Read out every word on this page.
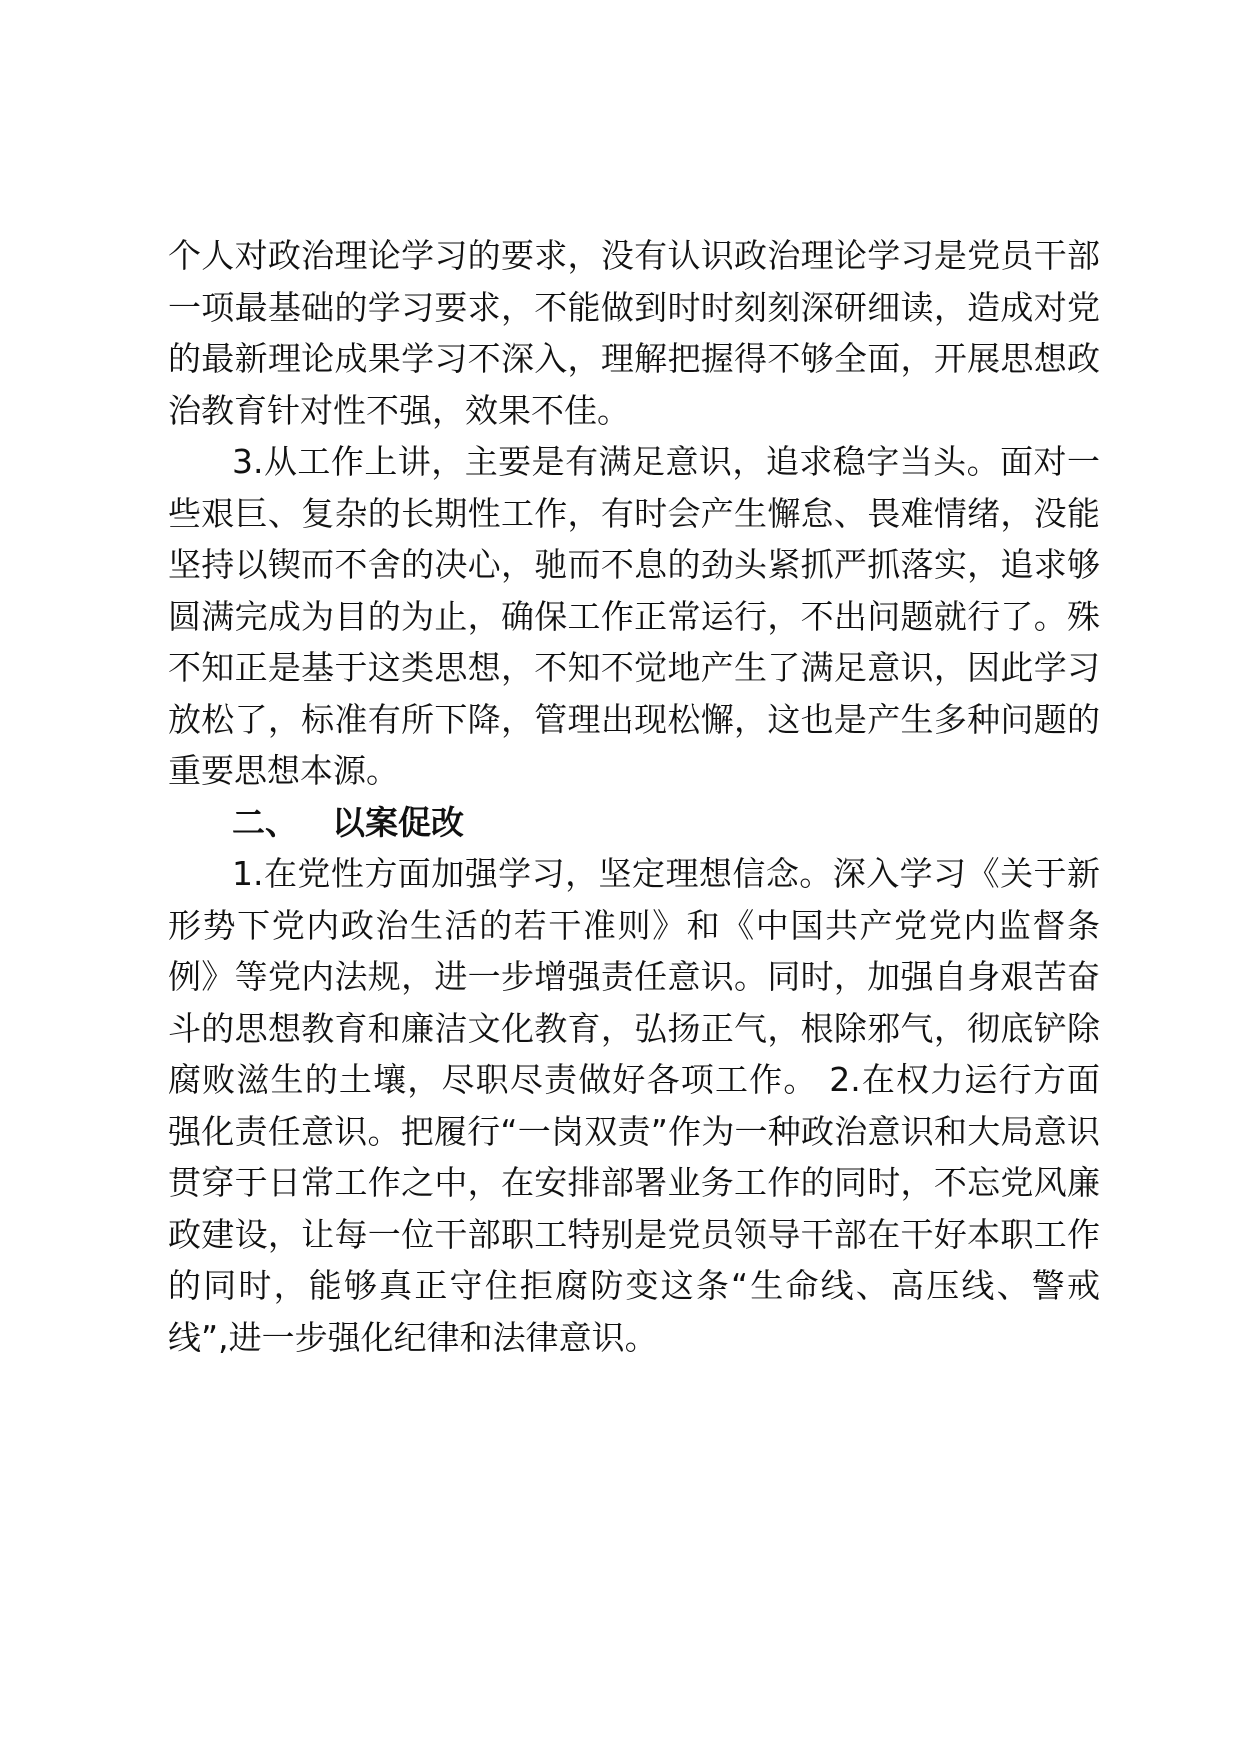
个人对政治理论学习的要求，没有认识政治理论学习是党员干部一项最基础的学习要求，不能做到时时刻刻深研细读，造成对党的最新理论成果学习不深入，理解把握得不够全面，开展思想政治教育针对性不强，效果不佳。

3.从工作上讲，主要是有满足意识，追求稳字当头。面对一些艰巨、复杂的长期性工作，有时会产生懈怠、畏难情绪，没能坚持以锲而不舍的决心，驰而不息的劲头紧抓严抓落实，追求够圆满完成为目的为止，确保工作正常运行，不出问题就行了。殊不知正是基于这类思想，不知不觉地产生了满足意识，因此学习放松了，标准有所下降，管理出现松懈，这也是产生多种问题的重要思想本源。

二、 以案促改

1.在党性方面加强学习，坚定理想信念。深入学习《关于新形势下党内政治生活的若干准则》和《中国共产党党内监督条例》等党内法规，进一步增强责任意识。同时，加强自身艰苦奋斗的思想教育和廉洁文化教育，弘扬正气，根除邪气，彻底铲除腐败滋生的土壤，尽职尽责做好各项工作。 2.在权力运行方面强化责任意识。把履行“一岗双责”作为一种政治意识和大局意识贯穿于日常工作之中，在安排部署业务工作的同时，不忘党风廉政建设，让每一位干部职工特别是党员领导干部在干好本职工作的同时，能够真正守住拒腐防变这条“生命线、高压线、警戒线”,进一步强化纪律和法律意识。
